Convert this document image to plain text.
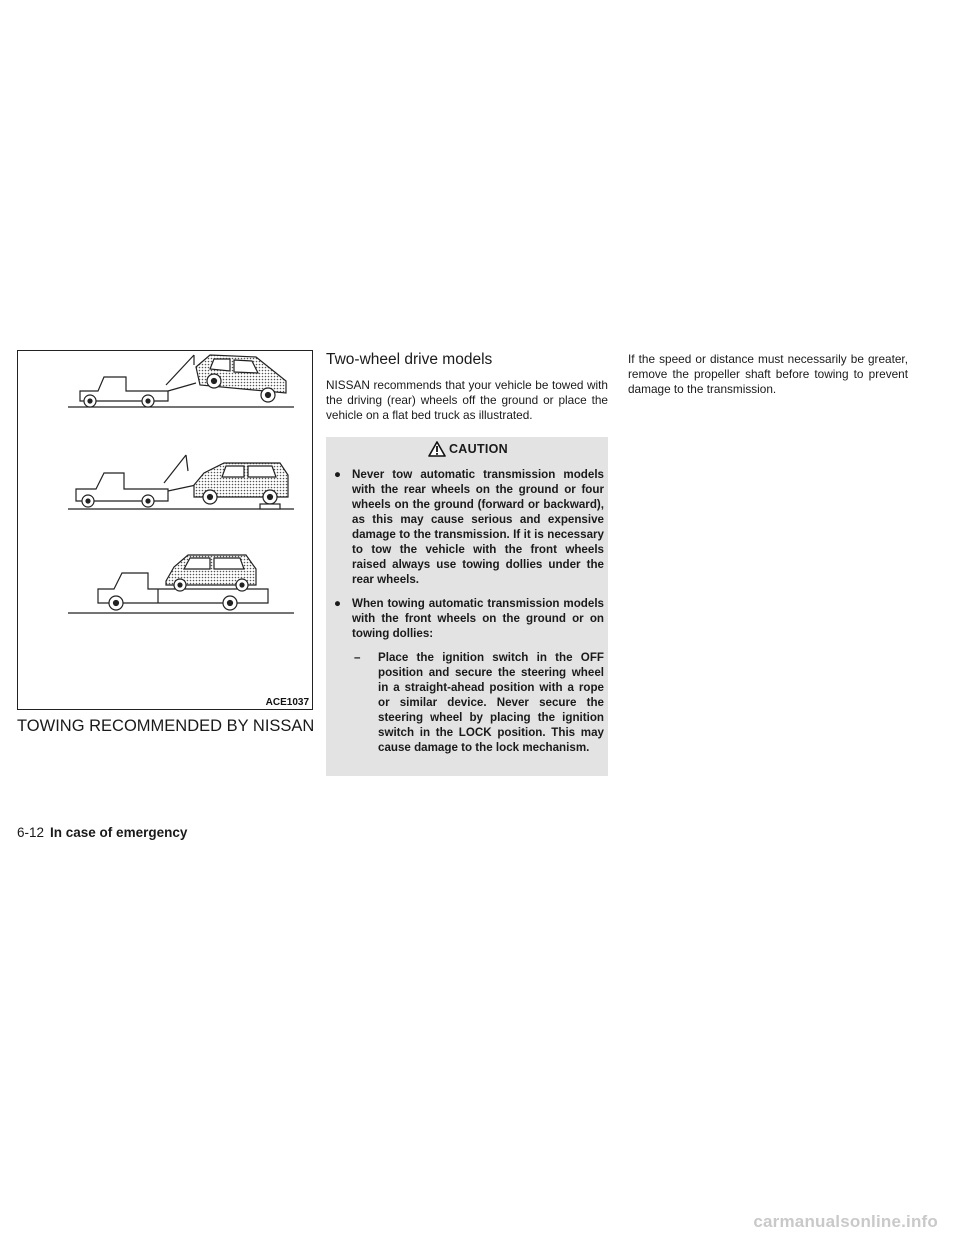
ACE1037
TOWING RECOMMENDED BY NISSAN
Two-wheel drive models

NISSAN recommends that your vehicle be towed with the driving (rear) wheels off the ground or place the vehicle on a flat bed truck as illustrated.

CAUTION
● Never tow automatic transmission models with the rear wheels on the ground or four wheels on the ground (forward or backward), as this may cause serious and expensive damage to the transmission. If it is necessary to tow the vehicle with the front wheels raised always use towing dollies under the rear wheels.
● When towing automatic transmission models with the front wheels on the ground or on towing dollies:
– Place the ignition switch in the OFF position and secure the steering wheel in a straight-ahead position with a rope or similar device. Never secure the steering wheel by placing the ignition switch in the LOCK position. This may cause damage to the lock mechanism.

If the speed or distance must necessarily be greater, remove the propeller shaft before towing to prevent damage to the transmission.

6-12 In case of emergency
carmanualsonline.info
